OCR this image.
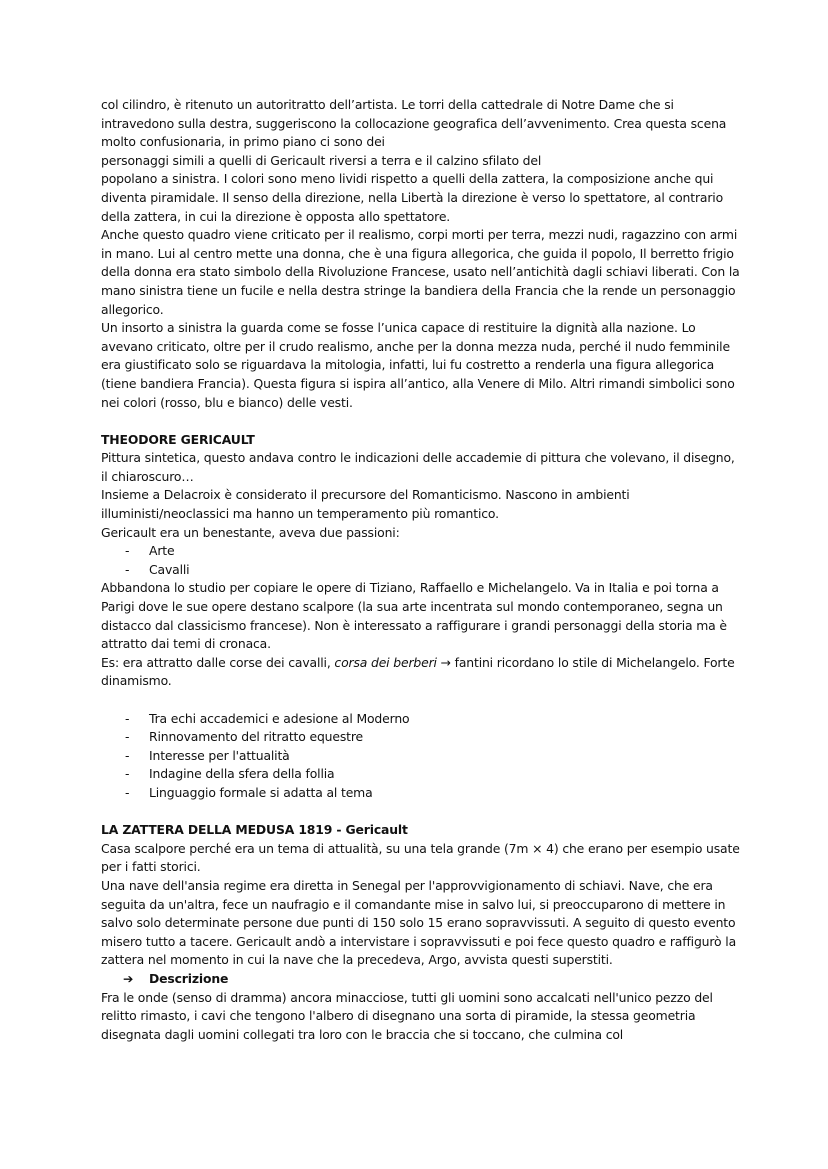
col cilindro, è ritenuto un autoritratto dell’artista. Le torri della cattedrale di Notre Dame che si intravedono sulla destra, suggeriscono la collocazione geografica dell’avvenimento. Crea questa scena molto confusionaria, in primo piano ci sono dei

personaggi simili a quelli di Gericault riversi a terra e il calzino sfilato del

popolano a sinistra. I colori sono meno lividi rispetto a quelli della zattera, la composizione anche qui diventa piramidale. Il senso della direzione, nella Libertà la direzione è verso lo spettatore, al contrario della zattera, in cui la direzione è opposta allo spettatore.

Anche questo quadro viene criticato per il realismo, corpi morti per terra, mezzi nudi, ragazzino con armi in mano. Lui al centro mette una donna, che è una figura allegorica, che guida il popolo, Il berretto frigio della donna era stato simbolo della Rivoluzione Francese, usato nell’antichità dagli schiavi liberati. Con la mano sinistra tiene un fucile e nella destra stringe la bandiera della Francia che la rende un personaggio allegorico.

Un insorto a sinistra la guarda come se fosse l’unica capace di restituire la dignità alla nazione. Lo avevano criticato, oltre per il crudo realismo, anche per la donna mezza nuda, perché il nudo femminile era giustificato solo se riguardava la mitologia, infatti, lui fu costretto a renderla una figura allegorica (tiene bandiera Francia). Questa figura si ispira all’antico, alla Venere di Milo. Altri rimandi simbolici sono nei colori (rosso, blu e bianco) delle vesti.

THEODORE GERICAULT

Pittura sintetica, questo andava contro le indicazioni delle accademie di pittura che volevano, il disegno, il chiaroscuro…

Insieme a Delacroix è considerato il precursore del Romanticismo. Nascono in ambienti illuministi/neoclassici ma hanno un temperamento più romantico.

Gericault era un benestante, aveva due passioni:

- Arte
- Cavalli

Abbandona lo studio per copiare le opere di Tiziano, Raffaello e Michelangelo. Va in Italia e poi torna a Parigi dove le sue opere destano scalpore (la sua arte incentrata sul mondo contemporaneo, segna un distacco dal classicismo francese). Non è interessato a raffigurare i grandi personaggi della storia ma è attratto dai temi di cronaca.

Es: era attratto dalle corse dei cavalli, corsa dei berberi → fantini ricordano lo stile di Michelangelo. Forte dinamismo.

- Tra echi accademici e adesione al Moderno
- Rinnovamento del ritratto equestre
- Interesse per l'attualità
- Indagine della sfera della follia
- Linguaggio formale si adatta al tema
LA ZATTERA DELLA MEDUSA 1819 - Gericault

Casa scalpore perché era un tema di attualità, su una tela grande (7m × 4) che erano per esempio usate per i fatti storici.

Una nave dell'ansia regime era diretta in Senegal per l'approvvigionamento di schiavi. Nave, che era seguita da un'altra, fece un naufragio e il comandante mise in salvo lui, si preoccuparono di mettere in salvo solo determinate persone due punti di 150 solo 15 erano sopravvissuti. A seguito di questo evento misero tutto a tacere. Gericault andò a intervistare i sopravvissuti e poi fece questo quadro e raffigurò la zattera nel momento in cui la nave che la precedeva, Argo, avvista questi superstiti.

➔ Descrizione

Fra le onde (senso di dramma) ancora minacciose, tutti gli uomini sono accalcati nell'unico pezzo del relitto rimasto, i cavi che tengono l'albero di disegnano una sorta di piramide, la stessa geometria disegnata dagli uomini collegati tra loro con le braccia che si toccano, che culmina col
